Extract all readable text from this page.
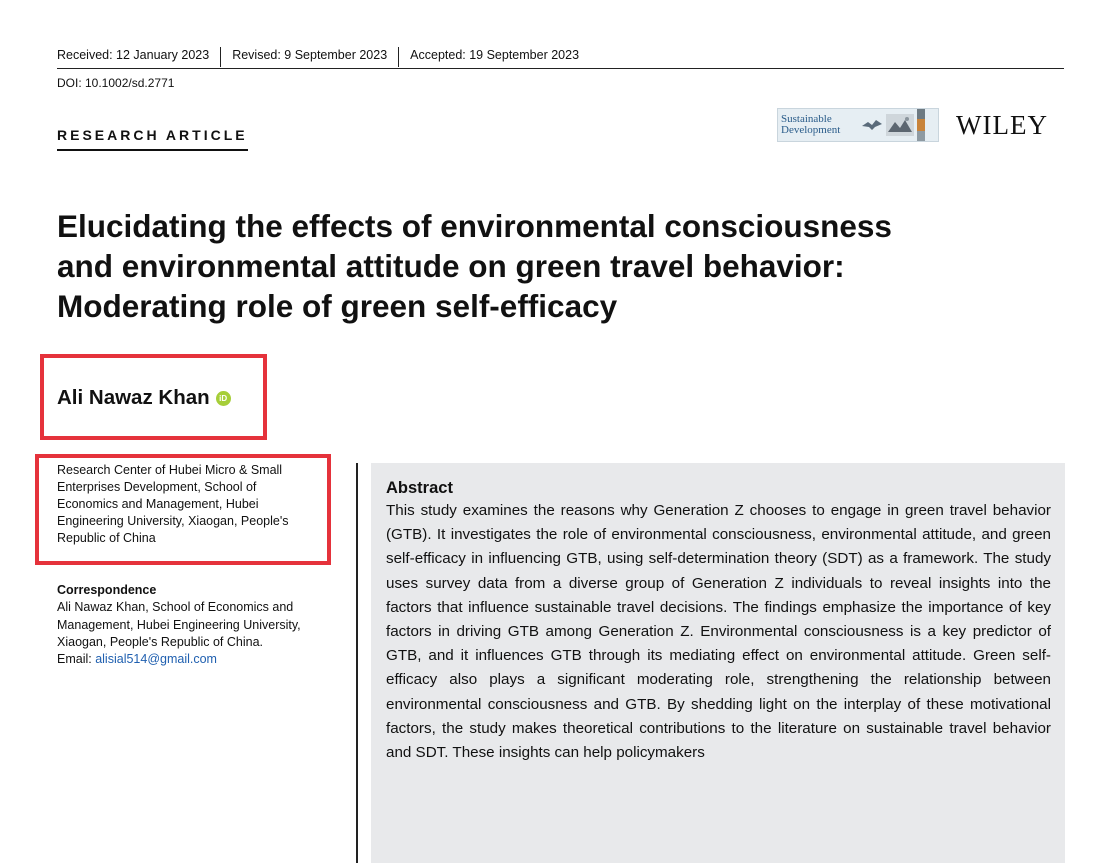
Received: 12 January 2023	Revised: 9 September 2023	Accepted: 19 September 2023
DOI: 10.1002/sd.2771
RESEARCH ARTICLE
Sustainable
Development	WILEY
Elucidating the effects of environmental consciousness
and environmental attitude on green travel behavior:
Moderating role of green self-efficacy
Ali Nawaz Khan	iD
Research Center of Hubei Micro & Small Enterprises Development, School of Economics and Management, Hubei Engineering University, Xiaogan, People's Republic of China
Correspondence
Ali Nawaz Khan, School of Economics and Management, Hubei Engineering University, Xiaogan, People's Republic of China.
Email: alisial514@gmail.com
Abstract
This study examines the reasons why Generation Z chooses to engage in green travel behavior (GTB). It investigates the role of environmental consciousness, environmental attitude, and green self-efficacy in influencing GTB, using self-determination theory (SDT) as a framework. The study uses survey data from a diverse group of Generation Z individuals to reveal insights into the factors that influence sustainable travel decisions. The findings emphasize the importance of key factors in driving GTB among Generation Z. Environmental consciousness is a key predictor of GTB, and it influences GTB through its mediating effect on environmental attitude. Green self-efficacy also plays a significant moderating role, strengthening the relationship between environmental consciousness and GTB. By shedding light on the interplay of these motivational factors, the study makes theoretical contributions to the literature on sustainable travel behavior and SDT. These insights can help policymakers
